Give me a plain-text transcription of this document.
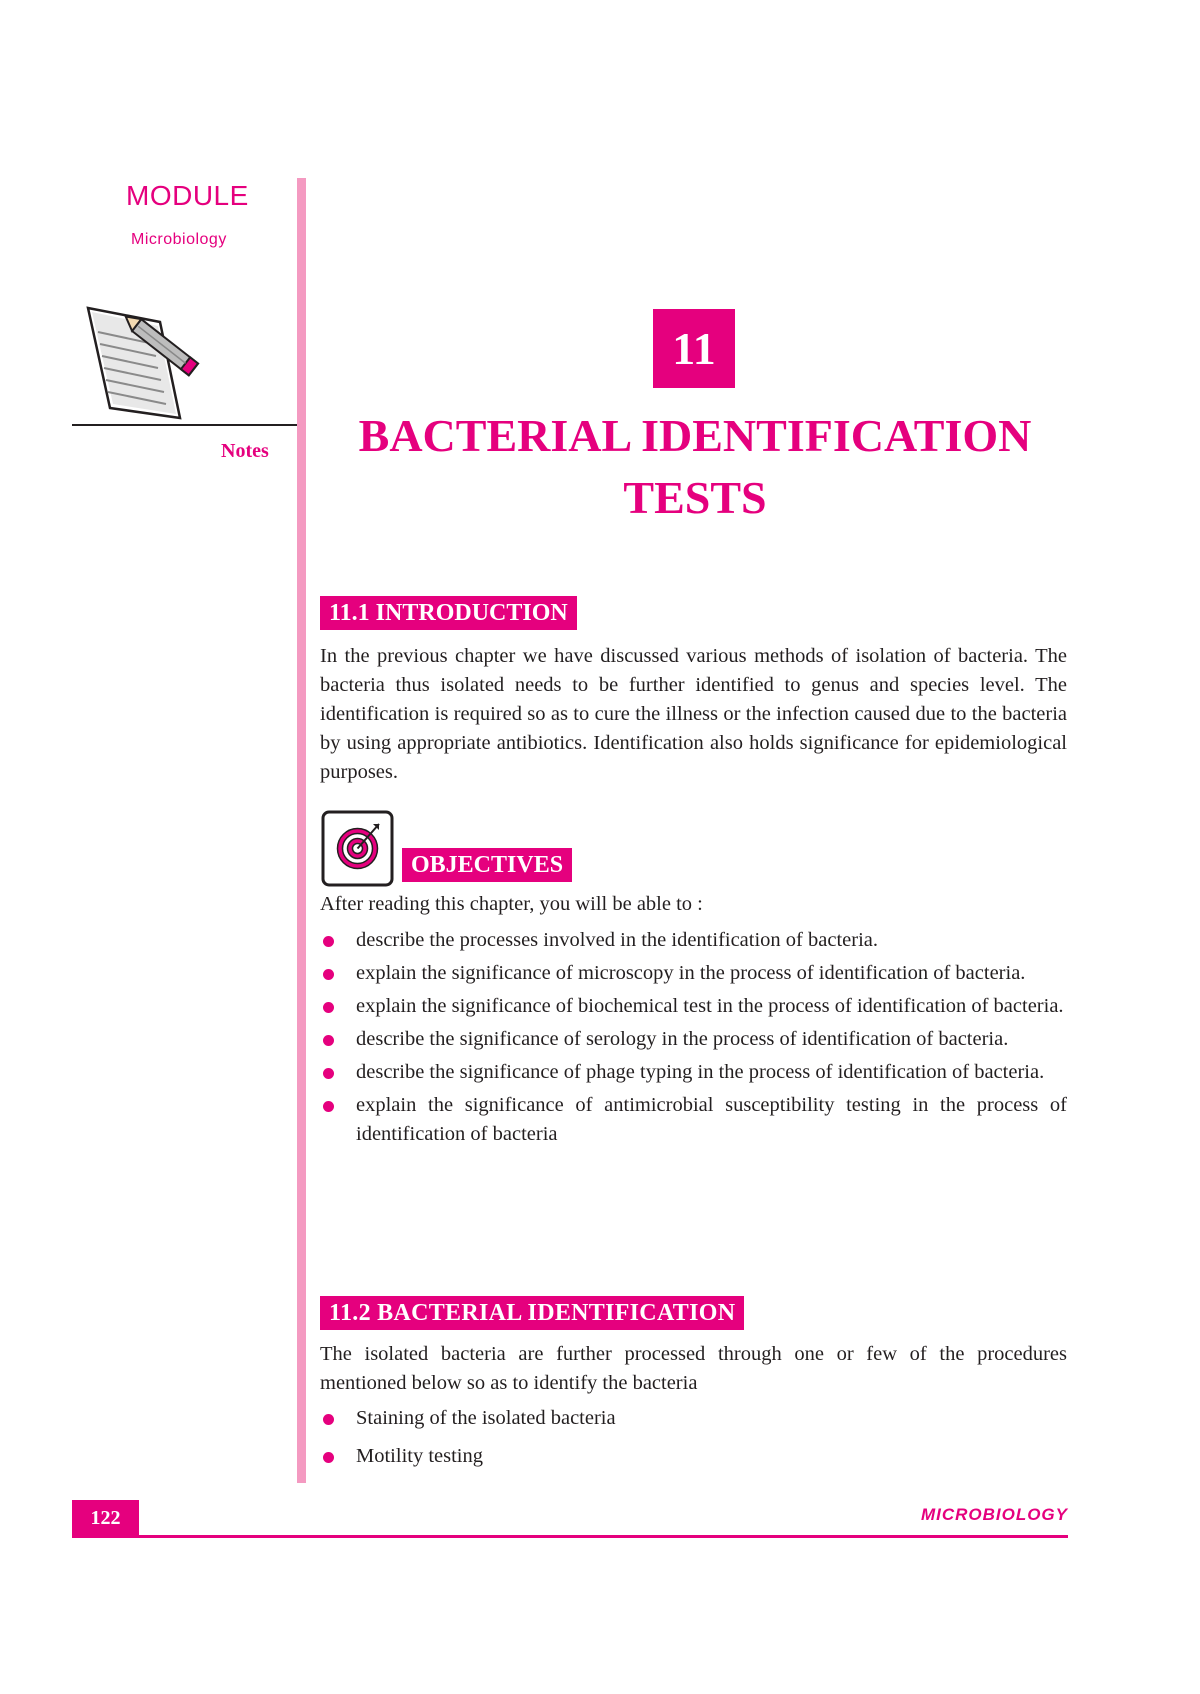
MODULE
Microbiology
Notes
11
BACTERIAL IDENTIFICATION
TESTS
11.1 INTRODUCTION
In the previous chapter we have discussed various methods of isolation of bacteria. The bacteria thus isolated needs to be further identified to genus and species level. The identification is required so as to cure the illness or the infection caused due to the bacteria by using appropriate antibiotics. Identification also holds significance for epidemiological purposes.
OBJECTIVES
After reading this chapter, you will be able to :
describe the processes involved in the identification of bacteria.
explain the significance of microscopy in the process of identification of bacteria.
explain the significance of biochemical test in the process of identification of bacteria.
describe the significance of serology in the process of identification of bacteria.
describe the significance of phage typing in the process of identification of bacteria.
explain the significance of antimicrobial susceptibility testing in the process of identification of bacteria
11.2 BACTERIAL IDENTIFICATION
The isolated bacteria are further processed through one or few of the procedures mentioned below so as to identify the bacteria
Staining of the isolated bacteria
Motility testing
122	MICROBIOLOGY
